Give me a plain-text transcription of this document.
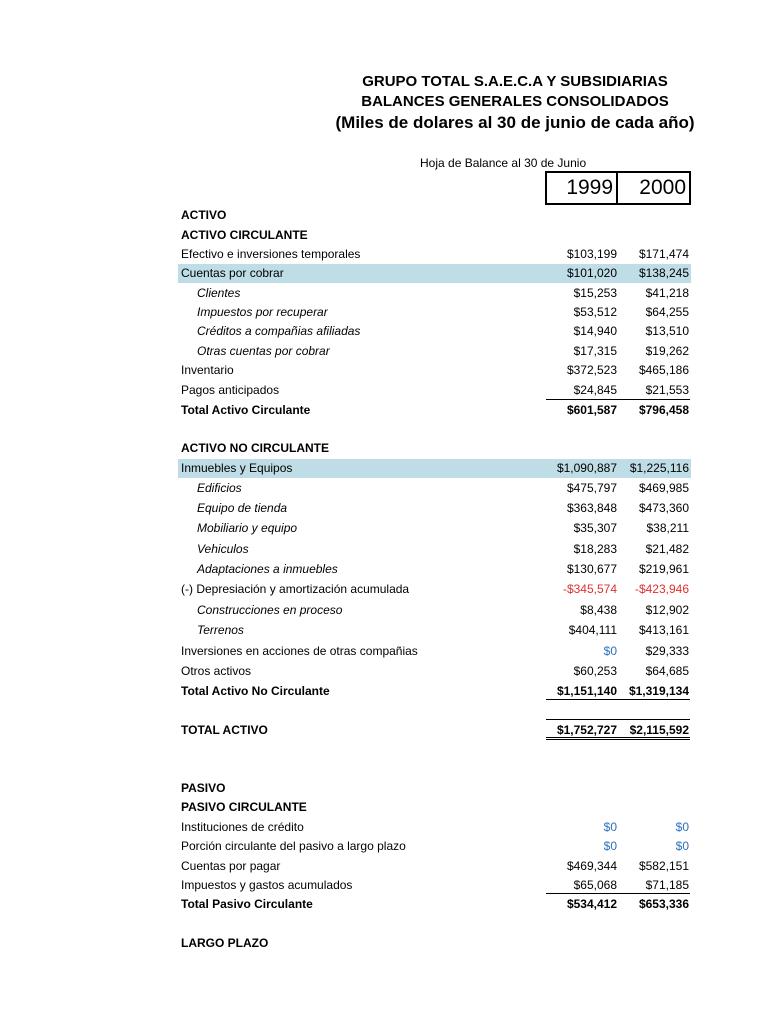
GRUPO TOTAL S.A.E.C.A Y SUBSIDIARIAS
BALANCES GENERALES CONSOLIDADOS
(Miles de dolares al 30 de junio de cada año)
Hoja de Balance al 30 de Junio
1999	2000
ACTIVO
ACTIVO CIRCULANTE
Efectivo e inversiones temporales	$103,199	$171,474
Cuentas por cobrar	$101,020	$138,245
Clientes	$15,253	$41,218
Impuestos por recuperar	$53,512	$64,255
Créditos a compañias afiliadas	$14,940	$13,510
Otras cuentas por cobrar	$17,315	$19,262
Inventario	$372,523	$465,186
Pagos anticipados	$24,845	$21,553
Total Activo Circulante	$601,587	$796,458
ACTIVO NO CIRCULANTE
Inmuebles y Equipos	$1,090,887	$1,225,116
Edificios	$475,797	$469,985
Equipo de tienda	$363,848	$473,360
Mobiliario y equipo	$35,307	$38,211
Vehiculos	$18,283	$21,482
Adaptaciones a inmuebles	$130,677	$219,961
(-) Depresiación y amortización acumulada	-$345,574	-$423,946
Construcciones en proceso	$8,438	$12,902
Terrenos	$404,111	$413,161
Inversiones en acciones de otras compañias	$0	$29,333
Otros activos	$60,253	$64,685
Total Activo No Circulante	$1,151,140 $1,319,134
TOTAL ACTIVO	$1,752,727	$2,115,592
PASIVO
PASIVO CIRCULANTE
Instituciones de crédito	$0	$0
Porción circulante del pasivo a largo plazo	$0	$0
Cuentas por pagar	$469,344	$582,151
Impuestos y gastos acumulados	$65,068	$71,185
Total Pasivo Circulante	$534,412	$653,336
LARGO PLAZO
